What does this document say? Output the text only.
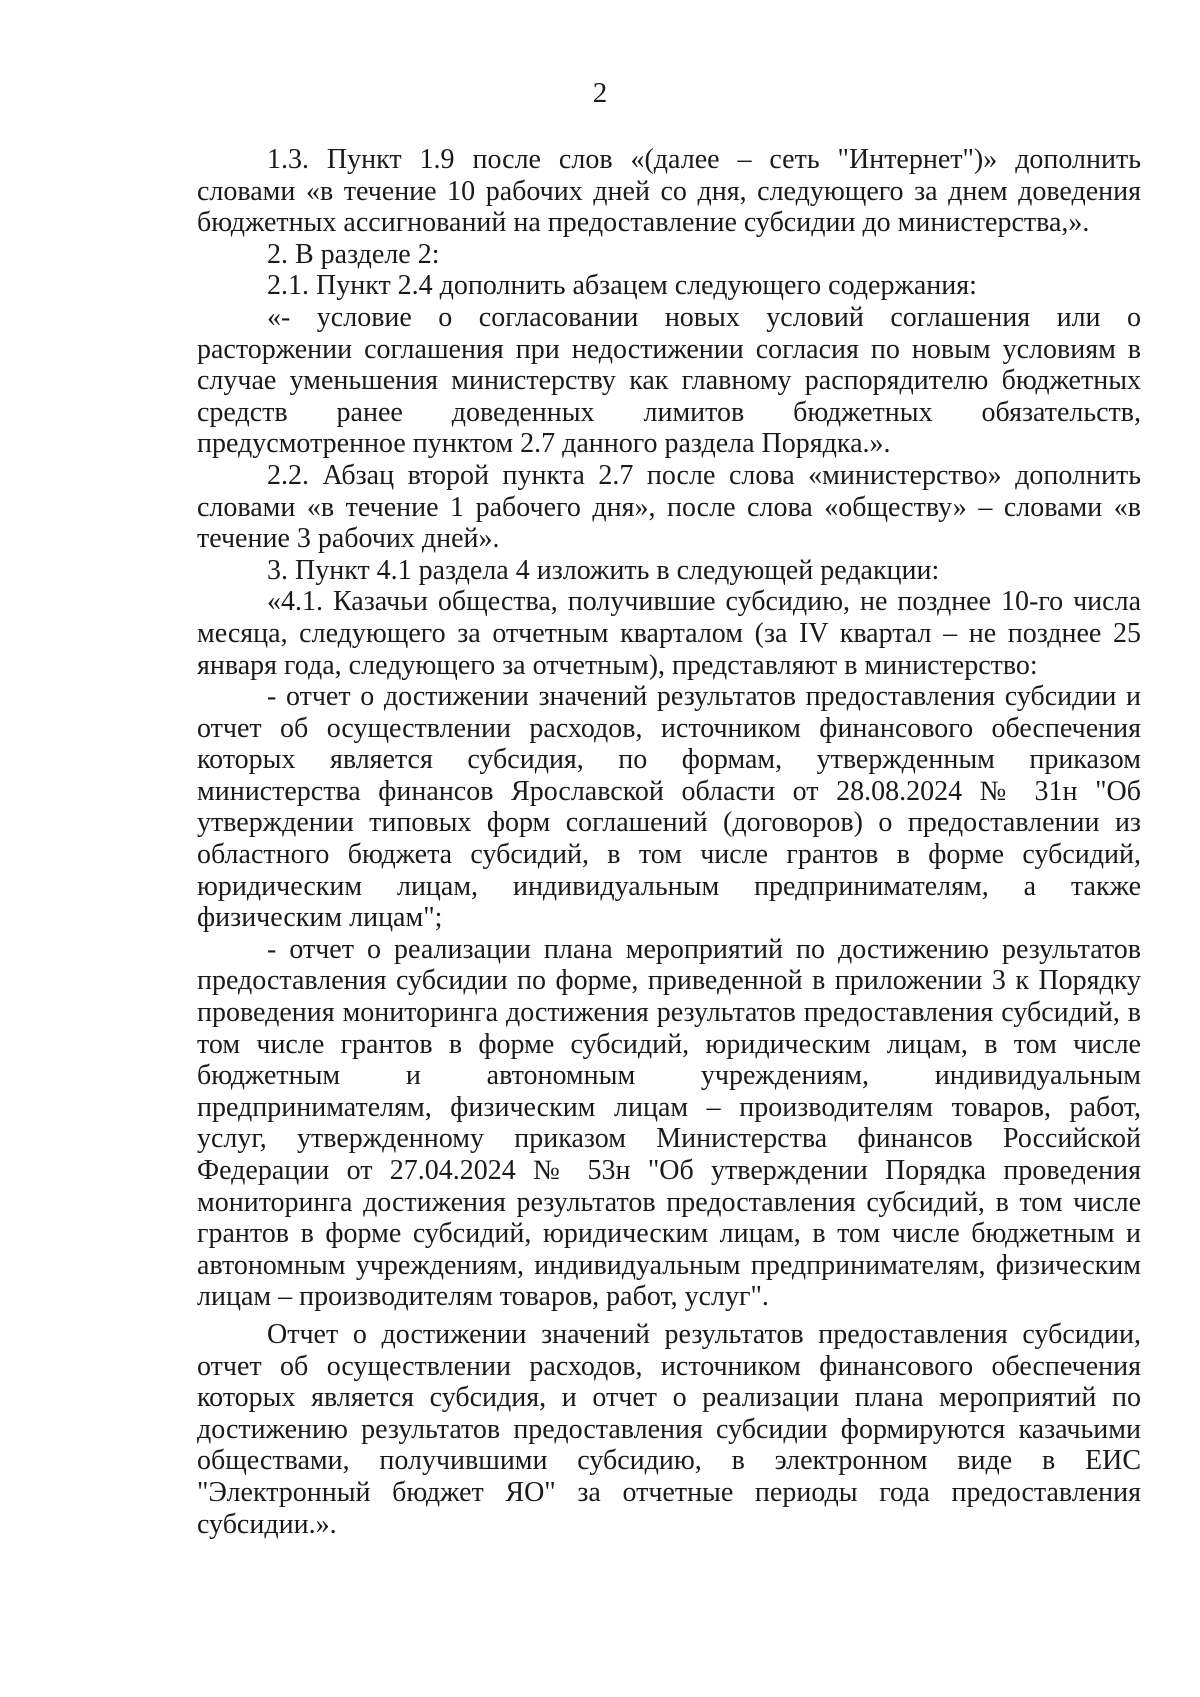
2

1.3. Пункт 1.9 после слов «(далее – сеть "Интернет")» дополнить словами «в течение 10 рабочих дней со дня, следующего за днем доведения бюджетных ассигнований на предоставление субсидии до министерства,».

2. В разделе 2:

2.1. Пункт 2.4 дополнить абзацем следующего содержания:

«- условие о согласовании новых условий соглашения или о расторжении соглашения при недостижении согласия по новым условиям в случае уменьшения министерству как главному распорядителю бюджетных средств ранее доведенных лимитов бюджетных обязательств, предусмотренное пунктом 2.7 данного раздела Порядка.».

2.2. Абзац второй пункта 2.7 после слова «министерство» дополнить словами «в течение 1 рабочего дня», после слова «обществу» – словами «в течение 3 рабочих дней».

3. Пункт 4.1 раздела 4 изложить в следующей редакции:

«4.1. Казачьи общества, получившие субсидию, не позднее 10-го числа месяца, следующего за отчетным кварталом (за IV квартал – не позднее 25 января года, следующего за отчетным), представляют в министерство:

- отчет о достижении значений результатов предоставления субсидии и отчет об осуществлении расходов, источником финансового обеспечения которых является субсидия, по формам, утвержденным приказом министерства финансов Ярославской области от 28.08.2024 № 31н "Об утверждении типовых форм соглашений (договоров) о предоставлении из областного бюджета субсидий, в том числе грантов в форме субсидий, юридическим лицам, индивидуальным предпринимателям, а также физическим лицам";

- отчет о реализации плана мероприятий по достижению результатов предоставления субсидии по форме, приведенной в приложении 3 к Порядку проведения мониторинга достижения результатов предоставления субсидий, в том числе грантов в форме субсидий, юридическим лицам, в том числе бюджетным и автономным учреждениям, индивидуальным предпринимателям, физическим лицам – производителям товаров, работ, услуг, утвержденному приказом Министерства финансов Российской Федерации от 27.04.2024 № 53н "Об утверждении Порядка проведения мониторинга достижения результатов предоставления субсидий, в том числе грантов в форме субсидий, юридическим лицам, в том числе бюджетным и автономным учреждениям, индивидуальным предпринимателям, физическим лицам – производителям товаров, работ, услуг".

Отчет о достижении значений результатов предоставления субсидии, отчет об осуществлении расходов, источником финансового обеспечения которых является субсидия, и отчет о реализации плана мероприятий по достижению результатов предоставления субсидии формируются казачьими обществами, получившими субсидию, в электронном виде в ЕИС "Электронный бюджет ЯО" за отчетные периоды года предоставления субсидии.».
